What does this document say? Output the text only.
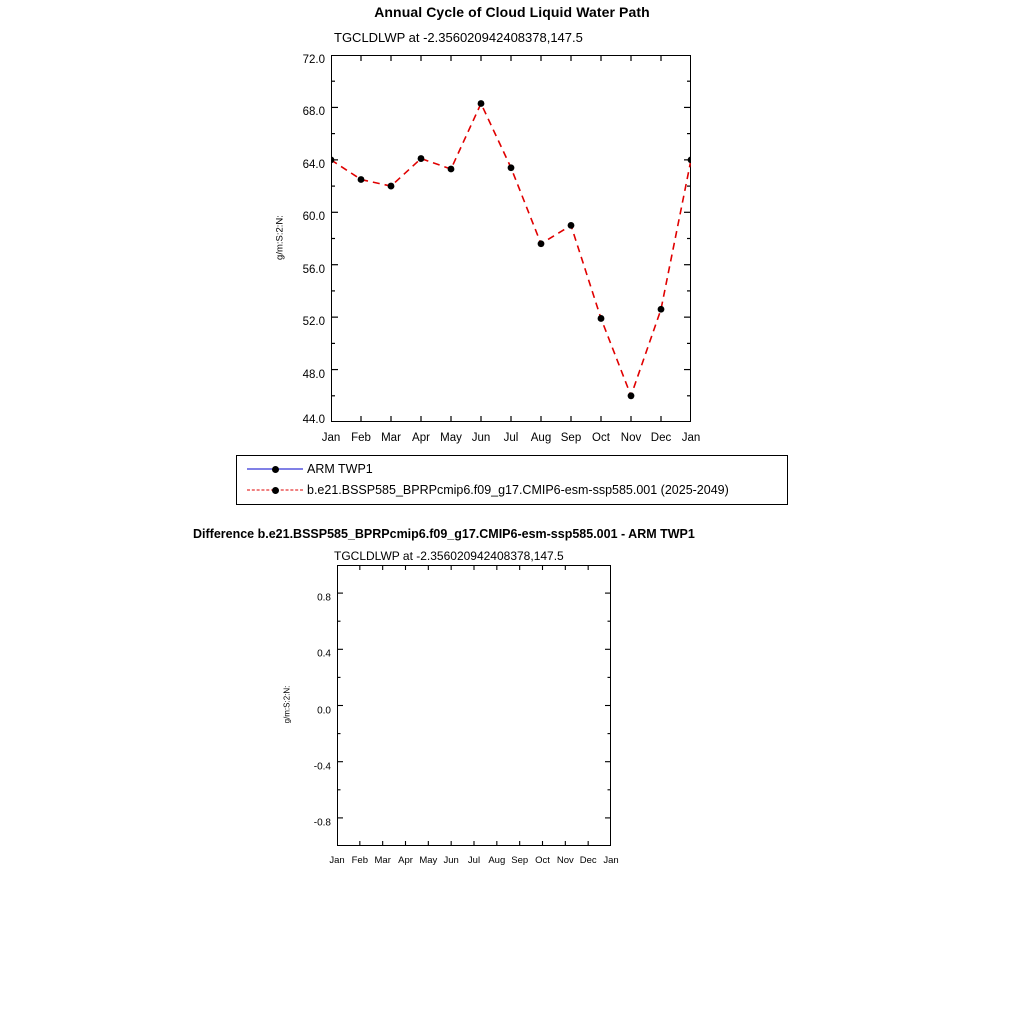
Annual Cycle of Cloud Liquid Water Path
TGCLDLWP at -2.356020942408378,147.5
72.0
68.0
64.0
60.0
56.0
52.0
48.0
44.0
g/m:S:2:N:
Jan Feb Mar Apr May Jun Jul Aug Sep Oct Nov Dec Jan
ARM TWP1
b.e21.BSSP585_BPRPcmip6.f09_g17.CMIP6-esm-ssp585.001 (2025-2049)
Difference b.e21.BSSP585_BPRPcmip6.f09_g17.CMIP6-esm-ssp585.001 - ARM TWP1
TGCLDLWP at -2.356020942408378,147.5
0.8
0.4
0.0
-0.4
-0.8
g/m:S:2:N:
Jan Feb Mar Apr May Jun Jul Aug Sep Oct Nov Dec Jan
